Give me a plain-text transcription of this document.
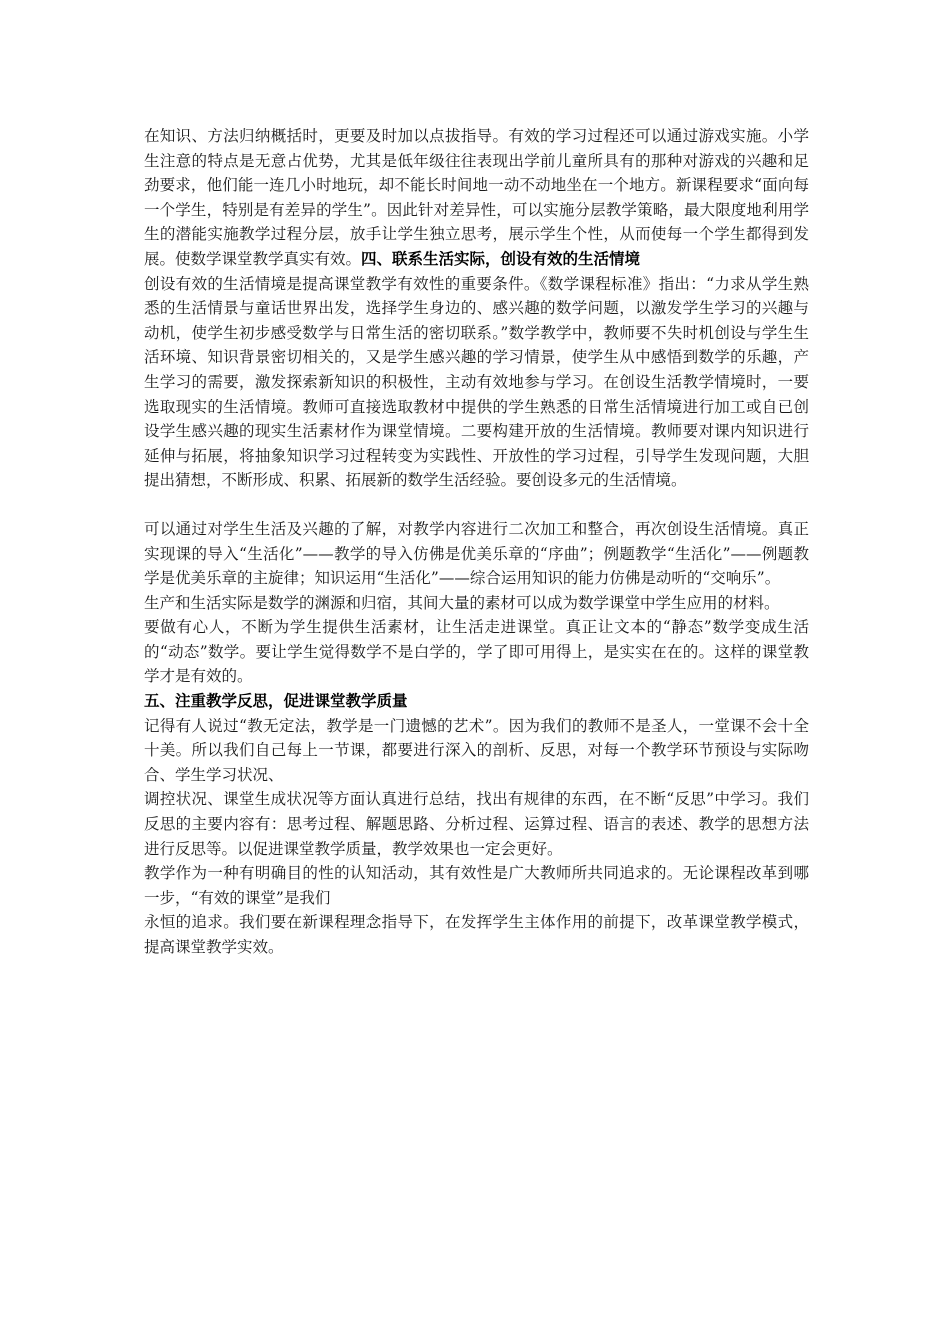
在知识、方法归纳概括时，更要及时加以点拔指导。有效的学习过程还可以通过游戏实施。小学生注意的特点是无意占优势，尤其是低年级往往表现出学前儿童所具有的那种对游戏的兴趣和足劲要求，他们能一连几小时地玩，却不能长时间地一动不动地坐在一个地方。新课程要求“面向每一个学生，特别是有差异的学生”。因此针对差异性，可以实施分层教学策略，最大限度地利用学生的潜能实施教学过程分层，放手让学生独立思考，展示学生个性，从而使每一个学生都得到发展。使数学课堂教学真实有效。四、联系生活实际，创设有效的生活情境

创设有效的生活情境是提高课堂教学有效性的重要条件。《数学课程标准》指出：“力求从学生熟悉的生活情景与童话世界出发，选择学生身边的、感兴趣的数学问题，以激发学生学习的兴趣与动机，使学生初步感受数学与日常生活的密切联系。”数学教学中，教师要不失时机创设与学生生活环境、知识背景密切相关的，又是学生感兴趣的学习情景，使学生从中感悟到数学的乐趣，产生学习的需要，激发探索新知识的积极性，主动有效地参与学习。在创设生活教学情境时，一要选取现实的生活情境。教师可直接选取教材中提供的学生熟悉的日常生活情境进行加工或自已创设学生感兴趣的现实生活素材作为课堂情境。二要构建开放的生活情境。教师要对课内知识进行延伸与拓展，将抽象知识学习过程转变为实践性、开放性的学习过程，引导学生发现问题，大胆提出猜想，不断形成、积累、拓展新的数学生活经验。要创设多元的生活情境。

可以通过对学生生活及兴趣的了解，对教学内容进行二次加工和整合，再次创设生活情境。真正实现课的导入“生活化”——教学的导入仿佛是优美乐章的“序曲”；例题教学“生活化”——例题教学是优美乐章的主旋律；知识运用“生活化”——综合运用知识的能力仿佛是动听的“交响乐”。

生产和生活实际是数学的渊源和归宿，其间大量的素材可以成为数学课堂中学生应用的材料。

要做有心人，不断为学生提供生活素材，让生活走进课堂。真正让文本的“静态”数学变成生活的“动态”数学。要让学生觉得数学不是白学的，学了即可用得上，是实实在在的。这样的课堂教学才是有效的。

五、注重教学反思，促进课堂教学质量

记得有人说过“教无定法，教学是一门遗憾的艺术”。因为我们的教师不是圣人，一堂课不会十全十美。所以我们自己每上一节课，都要进行深入的剖析、反思，对每一个教学环节预设与实际吻合、学生学习状况、

调控状况、课堂生成状况等方面认真进行总结，找出有规律的东西，在不断“反思”中学习。我们反思的主要内容有：思考过程、解题思路、分析过程、运算过程、语言的表述、教学的思想方法进行反思等。以促进课堂教学质量，教学效果也一定会更好。

教学作为一种有明确目的性的认知活动，其有效性是广大教师所共同追求的。无论课程改革到哪一步，“有效的课堂”是我们

永恒的追求。我们要在新课程理念指导下，在发挥学生主体作用的前提下，改革课堂教学模式，提高课堂教学实效。
